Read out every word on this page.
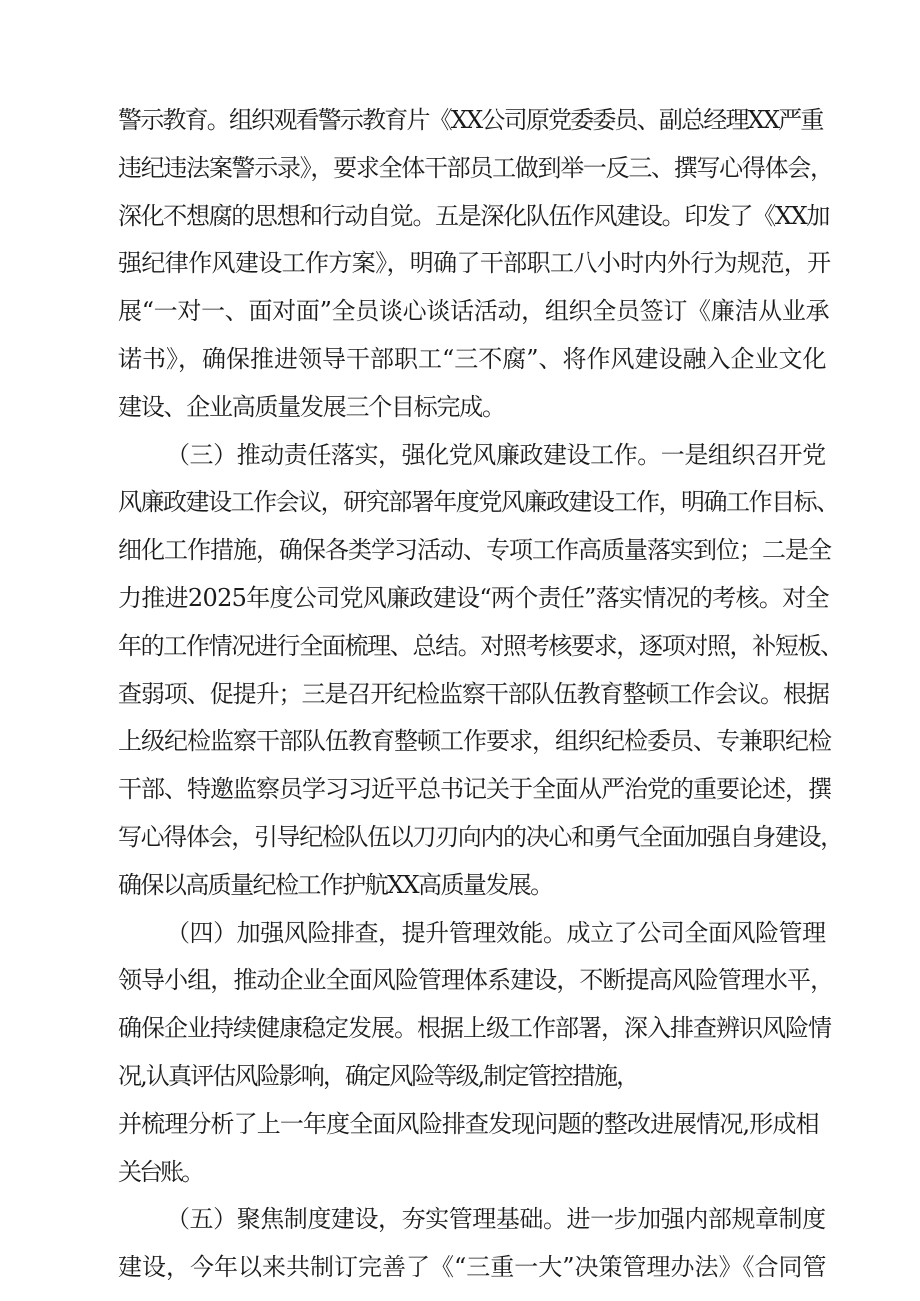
警示教育。组织观看警示教育片《XX公司原党委委员、副总经理XX严重
违纪违法案警示录》，要求全体干部员工做到举一反三、撰写心得体会，
深化不想腐的思想和行动自觉。五是深化队伍作风建设。印发了《XX加
强纪律作风建设工作方案》，明确了干部职工八小时内外行为规范，开
展“一对一、面对面”全员谈心谈话活动，组织全员签订《廉洁从业承
诺书》，确保推进领导干部职工“三不腐”、将作风建设融入企业文化
建设、企业高质量发展三个目标完成。
（三）推动责任落实，强化党风廉政建设工作。一是组织召开党
风廉政建设工作会议，研究部署年度党风廉政建设工作，明确工作目标、
细化工作措施，确保各类学习活动、专项工作高质量落实到位；二是全
力推进2025年度公司党风廉政建设“两个责任”落实情况的考核。对全
年的工作情况进行全面梳理、总结。对照考核要求，逐项对照，补短板、
查弱项、促提升；三是召开纪检监察干部队伍教育整顿工作会议。根据
上级纪检监察干部队伍教育整顿工作要求，组织纪检委员、专兼职纪检
干部、特邀监察员学习习近平总书记关于全面从严治党的重要论述，撰
写心得体会，引导纪检队伍以刀刃向内的决心和勇气全面加强自身建设，
确保以高质量纪检工作护航XX高质量发展。
（四）加强风险排查，提升管理效能。成立了公司全面风险管理
领导小组，推动企业全面风险管理体系建设，不断提高风险管理水平，
确保企业持续健康稳定发展。根据上级工作部署，深入排查辨识风险情
况,认真评估风险影响，确定风险等级,制定管控措施，
并梳理分析了上一年度全面风险排查发现问题的整改进展情况,形成相
关台账。
（五）聚焦制度建设，夯实管理基础。进一步加强内部规章制度
建设，今年以来共制订完善了《“三重一大”决策管理办法》《合同管
